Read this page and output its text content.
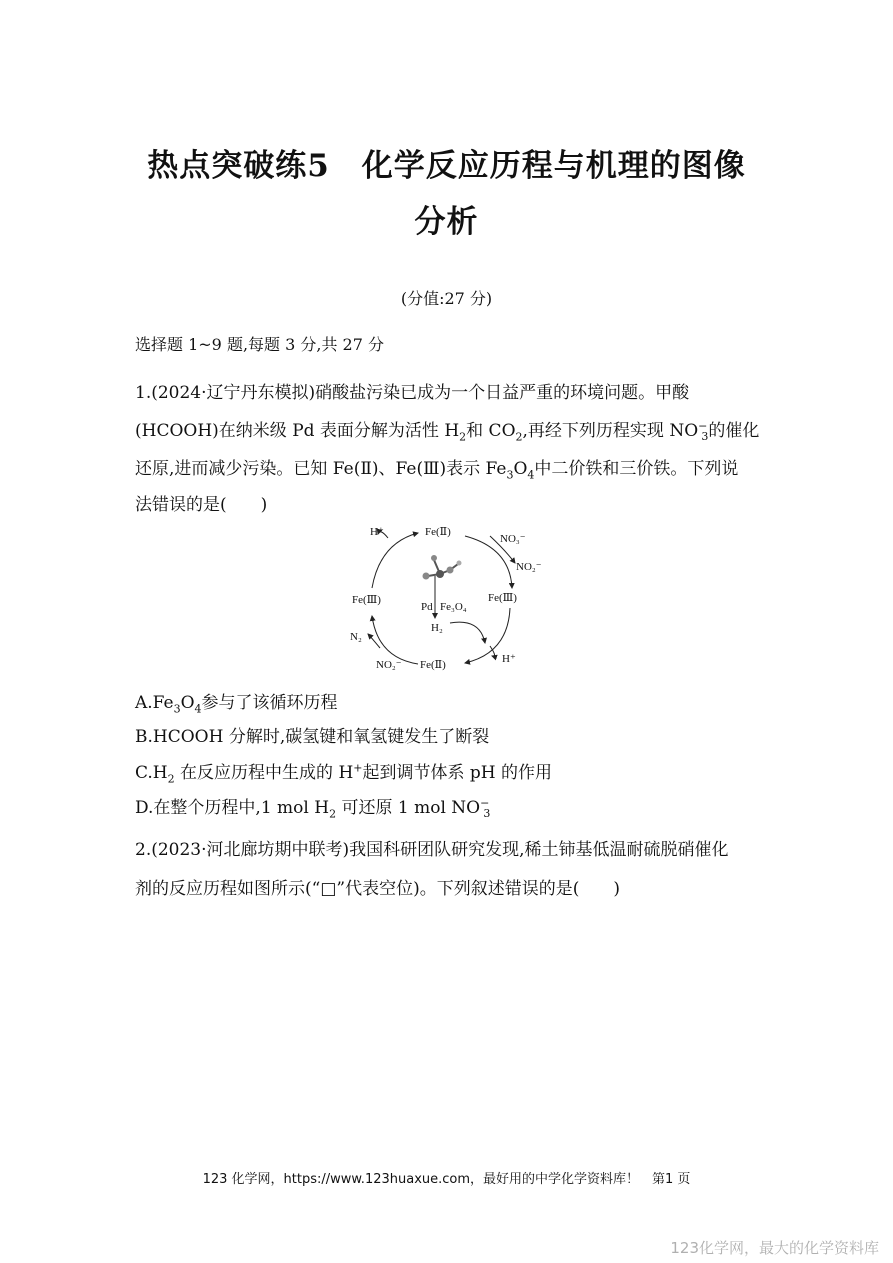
热点突破练5　化学反应历程与机理的图像
分析
(分值:27 分)
选择题 1~9 题,每题 3 分,共 27 分
1.(2024·辽宁丹东模拟)硝酸盐污染已成为一个日益严重的环境问题。甲酸
(HCOOH)在纳米级 Pd 表面分解为活性 $H_2$和 $CO_2$,再经下列历程实现 $NO^-_3$的催化
还原,进而减少污染。已知 Fe(Ⅱ)、Fe(Ⅲ)表示 $Fe_3O_4$中二价铁和三价铁。下列说
法错误的是(　　)
Fe(Ⅱ)
Fe(Ⅲ)
Fe(Ⅱ)
Fe(Ⅲ)
H⁺
H⁺
NO₃⁻
NO₂⁻
NO₂⁻
N₂
Pd Fe₃O₄
H₂
$A.Fe_3O_4$参与了该循环历程
B.HCOOH 分解时,碳氢键和氧氢键发生了断裂
$C.H_2$ 在反应历程中生成的 H+起到调节体系 pH 的作用
D.在整个历程中,1 mol $H_2$ 可还原 1 mol $NO^-_3$
2.(2023·河北廊坊期中联考)我国科研团队研究发现,稀土铈基低温耐硫脱硝催化
剂的反应历程如图所示(“□”代表空位)。下列叙述错误的是(　　)
123 化学网，https://www.123huaxue.com，最好用的中学化学资料库！　第1 页
123化学网，最大的化学资料库
